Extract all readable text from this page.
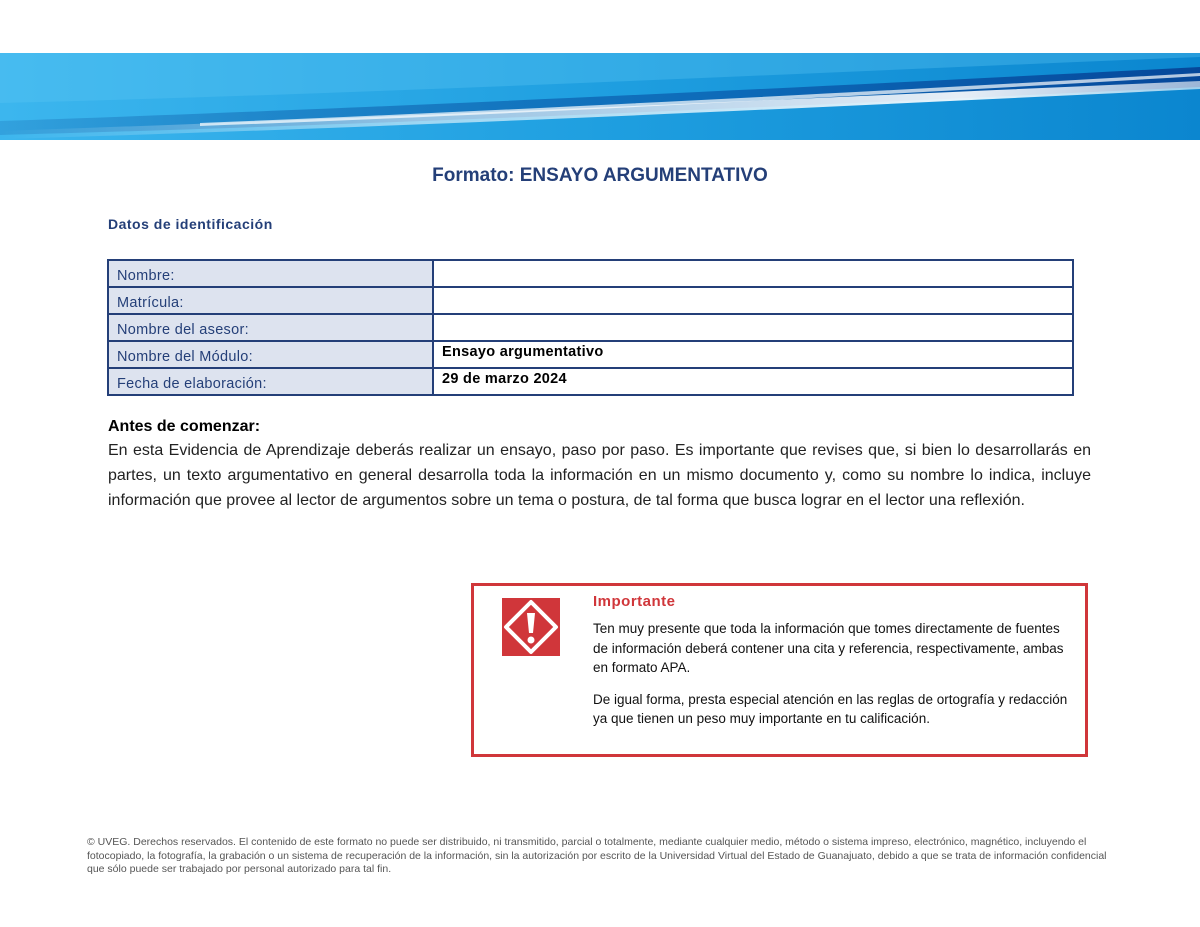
Formato: ENSAYO ARGUMENTATIVO
Datos de identificación
Nombre:	
Matrícula:	
Nombre del asesor:	
Nombre del Módulo:	Ensayo argumentativo
Fecha de elaboración:	29 de marzo 2024
Antes de comenzar:

En esta Evidencia de Aprendizaje deberás realizar un ensayo, paso por paso. Es importante que revises que, si bien lo desarrollarás en partes, un texto argumentativo en general desarrolla toda la información en un mismo documento y, como su nombre lo indica, incluye información que provee al lector de argumentos sobre un tema o postura, de tal forma que busca lograr en el lector una reflexión.

Importante

Ten muy presente que toda la información que tomes directamente de fuentes de información deberá contener una cita y referencia, respectivamente, ambas en formato APA.

De igual forma, presta especial atención en las reglas de ortografía y redacción ya que tienen un peso muy importante en tu calificación.

© UVEG. Derechos reservados. El contenido de este formato no puede ser distribuido, ni transmitido, parcial o totalmente, mediante cualquier medio, método o sistema impreso, electrónico, magnético, incluyendo el fotocopiado, la fotografía, la grabación o un sistema de recuperación de la información, sin la autorización por escrito de la Universidad Virtual del Estado de Guanajuato, debido a que se trata de información confidencial que sólo puede ser trabajado por personal autorizado para tal fin.
